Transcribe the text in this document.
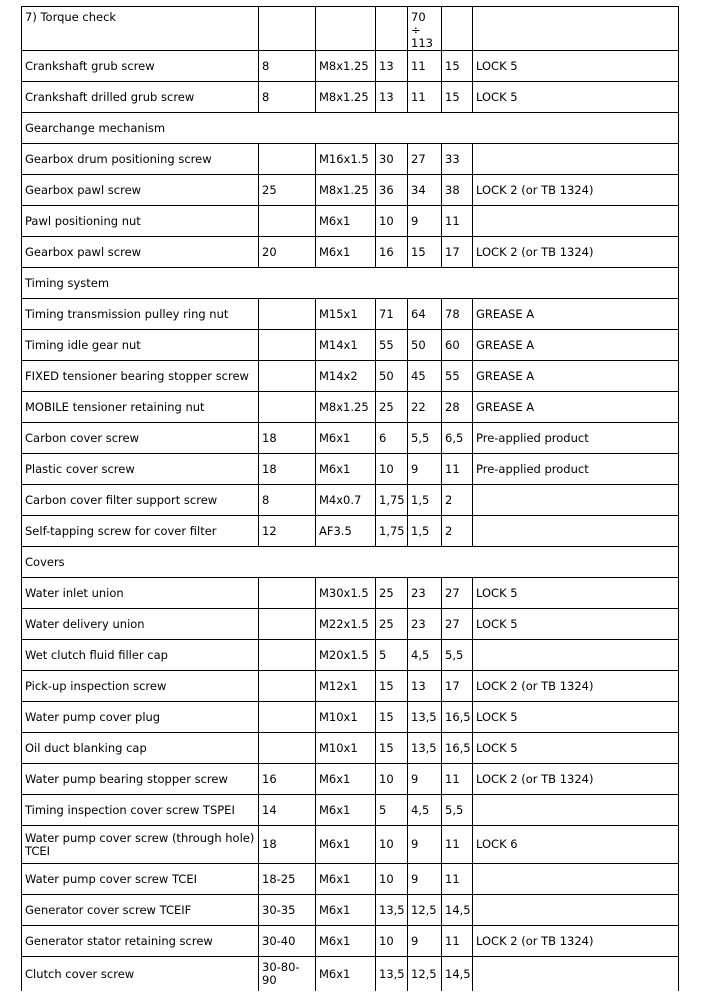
7) Torque check				70 ÷ 113		
Crankshaft grub screw	8	M8x1.25	13	11	15	LOCK 5
Crankshaft drilled grub screw	8	M8x1.25	13	11	15	LOCK 5
Gearchange mechanism						
Gearbox drum positioning screw		M16x1.5	30	27	33	
Gearbox pawl screw	25	M8x1.25	36	34	38	LOCK 2 (or TB 1324)
Pawl positioning nut		M6x1	10	9	11	
Gearbox pawl screw	20	M6x1	16	15	17	LOCK 2 (or TB 1324)
Timing system						
Timing transmission pulley ring nut		M15x1	71	64	78	GREASE A
Timing idle gear nut		M14x1	55	50	60	GREASE A
FIXED tensioner bearing stopper screw		M14x2	50	45	55	GREASE A
MOBILE tensioner retaining nut		M8x1.25	25	22	28	GREASE A
Carbon cover screw	18	M6x1	6	5,5	6,5	Pre-applied product
Plastic cover screw	18	M6x1	10	9	11	Pre-applied product
Carbon cover filter support screw	8	M4x0.7	1,75	1,5	2	
Self-tapping screw for cover filter	12	AF3.5	1,75	1,5	2	
Covers						
Water inlet union		M30x1.5	25	23	27	LOCK 5
Water delivery union		M22x1.5	25	23	27	LOCK 5
Wet clutch fluid filler cap		M20x1.5	5	4,5	5,5	
Pick-up inspection screw		M12x1	15	13	17	LOCK 2 (or TB 1324)
Water pump cover plug		M10x1	15	13,5	16,5	LOCK 5
Oil duct blanking cap		M10x1	15	13,5	16,5	LOCK 5
Water pump bearing stopper screw	16	M6x1	10	9	11	LOCK 2 (or TB 1324)
Timing inspection cover screw TSPEI	14	M6x1	5	4,5	5,5	
Water pump cover screw (through hole) TCEI	18	M6x1	10	9	11	LOCK 6
Water pump cover screw TCEI	18-25	M6x1	10	9	11	
Generator cover screw TCEIF	30-35	M6x1	13,5	12,5	14,5	
Generator stator retaining screw	30-40	M6x1	10	9	11	LOCK 2 (or TB 1324)
Clutch cover screw	30-80-90	M6x1	13,5	12,5	14,5	
